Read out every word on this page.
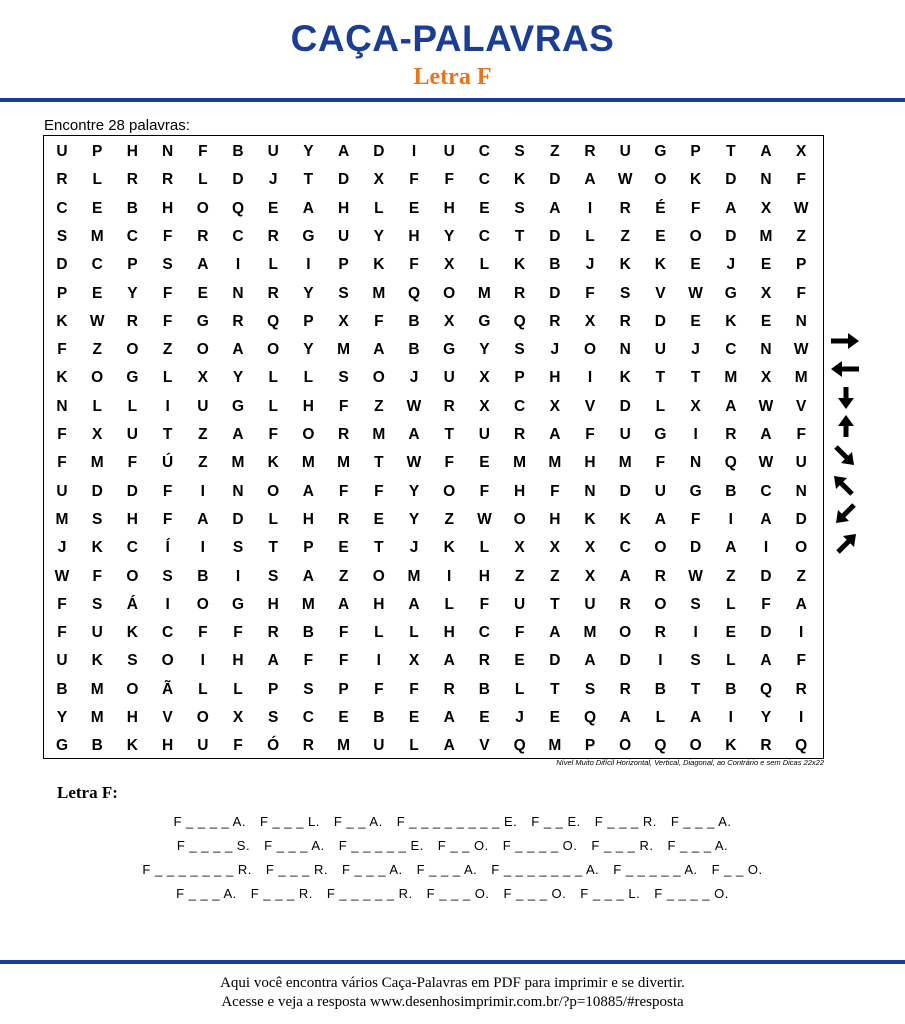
CAÇA-PALAVRAS
Letra F
Encontre 28 palavras:
U	P	H	N	F	B	U	Y	A	D	I	U	C	S	Z	R	U	G	P	T	A	X
R	L	R	R	L	D	J	T	D	X	F	F	C	K	D	A	W	O	K	D	N	F
C	E	B	H	O	Q	E	A	H	L	E	H	E	S	A	I	R	É	F	A	X	W
S	M	C	F	R	C	R	G	U	Y	H	Y	C	T	D	L	Z	E	O	D	M	Z
D	C	P	S	A	I	L	I	P	K	F	X	L	K	B	J	K	K	E	J	E	P
P	E	Y	F	E	N	R	Y	S	M	Q	O	M	R	D	F	S	V	W	G	X	F
K	W	R	F	G	R	Q	P	X	F	B	X	G	Q	R	X	R	D	E	K	E	N
F	Z	O	Z	O	A	O	Y	M	A	B	G	Y	S	J	O	N	U	J	C	N	W
K	O	G	L	X	Y	L	L	S	O	J	U	X	P	H	I	K	T	T	M	X	M
N	L	L	I	U	G	L	H	F	Z	W	R	X	C	X	V	D	L	X	A	W	V
F	X	U	T	Z	A	F	O	R	M	A	T	U	R	A	F	U	G	I	R	A	F
F	M	F	Ú	Z	M	K	M	M	T	W	F	E	M	M	H	M	F	N	Q	W	U
U	D	D	F	I	N	O	A	F	F	Y	O	F	H	F	N	D	U	G	B	C	N
M	S	H	F	A	D	L	H	R	E	Y	Z	W	O	H	K	K	A	F	I	A	D
J	K	C	Í	I	S	T	P	E	T	J	K	L	X	X	X	C	O	D	A	I	O
W	F	O	S	B	I	S	A	Z	O	M	I	H	Z	Z	X	A	R	W	Z	D	Z
F	S	Á	I	O	G	H	M	A	H	A	L	F	U	T	U	R	O	S	L	F	A
F	U	K	C	F	F	R	B	F	L	L	H	C	F	A	M	O	R	I	E	D	I
U	K	S	O	I	H	A	F	F	I	X	A	R	E	D	A	D	I	S	L	A	F
B	M	O	Ã	L	L	P	S	P	F	F	R	B	L	T	S	R	B	T	B	Q	R
Y	M	H	V	O	X	S	C	E	B	E	A	E	J	E	Q	A	L	A	I	Y	I
G	B	K	H	U	F	Ó	R	M	U	L	A	V	Q	M	P	O	Q	O	K	R	Q
Nível Muito Difícil Horizontal, Vertical, Diagonal, ao Contrário e sem Dicas 22x22
Letra F:
F _ _ _ _ A. F _ _ _ L. F _ _ A. F _ _ _ _ _ _ _ _ E. F _ _ E. F _ _ _ R. F _ _ _ A.
F _ _ _ _ S. F _ _ _ A. F _ _ _ _ _ E. F _ _ O. F _ _ _ _ O. F _ _ _ R. F _ _ _ A.
F _ _ _ _ _ _ _ R. F _ _ _ R. F _ _ _ A. F _ _ _ A. F _ _ _ _ _ _ _ A. F _ _ _ _ _ A. F _ _ O.
F _ _ _ A. F _ _ _ R. F _ _ _ _ _ R. F _ _ _ O. F _ _ _ O. F _ _ _ L. F _ _ _ _ O.
Aqui você encontra vários Caça-Palavras em PDF para imprimir e se divertir.
Acesse e veja a resposta www.desenhosimprimir.com.br/?p=10885/#resposta
